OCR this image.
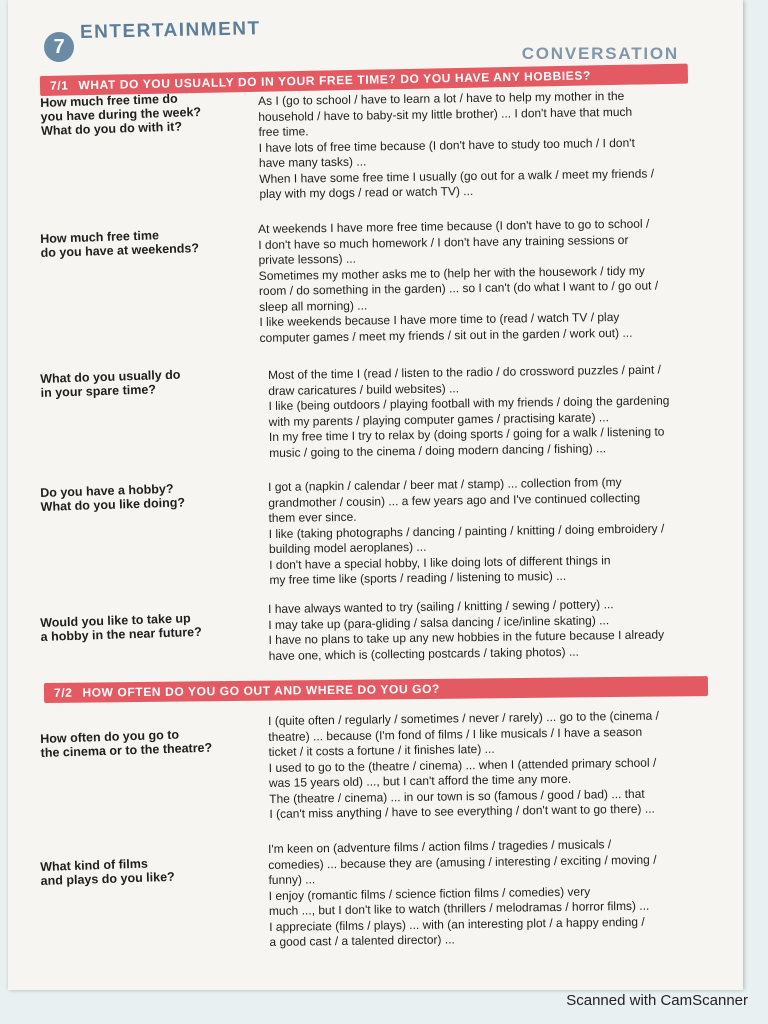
7
ENTERTAINMENT
CONVERSATION
7/1 WHAT DO YOU USUALLY DO IN YOUR FREE TIME? DO YOU HAVE ANY HOBBIES?
How much free time do
you have during the week?
What do you do with it?
As I (go to school / have to learn a lot / have to help my mother in the
household / have to baby-sit my little brother) ... I don't have that much
free time.
I have lots of free time because (I don't have to study too much / I don't
have many tasks) ...
When I have some free time I usually (go out for a walk / meet my friends /
play with my dogs / read or watch TV) ...
How much free time
do you have at weekends?
At weekends I have more free time because (I don't have to go to school /
I don't have so much homework / I don't have any training sessions or
private lessons) ...
Sometimes my mother asks me to (help her with the housework / tidy my
room / do something in the garden) ... so I can't (do what I want to / go out /
sleep all morning) ...
I like weekends because I have more time to (read / watch TV / play
computer games / meet my friends / sit out in the garden / work out) ...
What do you usually do
in your spare time?
Most of the time I (read / listen to the radio / do crossword puzzles / paint /
draw caricatures / build websites) ...
I like (being outdoors / playing football with my friends / doing the gardening
with my parents / playing computer games / practising karate) ...
In my free time I try to relax by (doing sports / going for a walk / listening to
music / going to the cinema / doing modern dancing / fishing) ...
Do you have a hobby?
What do you like doing?
I got a (napkin / calendar / beer mat / stamp) ... collection from (my
grandmother / cousin) ... a few years ago and I've continued collecting
them ever since.
I like (taking photographs / dancing / painting / knitting / doing embroidery /
building model aeroplanes) ...
I don't have a special hobby, I like doing lots of different things in
my free time like (sports / reading / listening to music) ...
Would you like to take up
a hobby in the near future?
I have always wanted to try (sailing / knitting / sewing / pottery) ...
I may take up (para-gliding / salsa dancing / ice/inline skating) ...
I have no plans to take up any new hobbies in the future because I already
have one, which is (collecting postcards / taking photos) ...
7/2 HOW OFTEN DO YOU GO OUT AND WHERE DO YOU GO?
How often do you go to
the cinema or to the theatre?
I (quite often / regularly / sometimes / never / rarely) ... go to the (cinema /
theatre) ... because (I'm fond of films / I like musicals / I have a season
ticket / it costs a fortune / it finishes late) ...
I used to go to the (theatre / cinema) ... when I (attended primary school /
was 15 years old) ..., but I can't afford the time any more.
The (theatre / cinema) ... in our town is so (famous / good / bad) ... that
I (can't miss anything / have to see everything / don't want to go there) ...
What kind of films
and plays do you like?
I'm keen on (adventure films / action films / tragedies / musicals /
comedies) ... because they are (amusing / interesting / exciting / moving /
funny) ...
I enjoy (romantic films / science fiction films / comedies) very
much ..., but I don't like to watch (thrillers / melodramas / horror films) ...
I appreciate (films / plays) ... with (an interesting plot / a happy ending /
a good cast / a talented director) ...
Scanned with CamScanner
